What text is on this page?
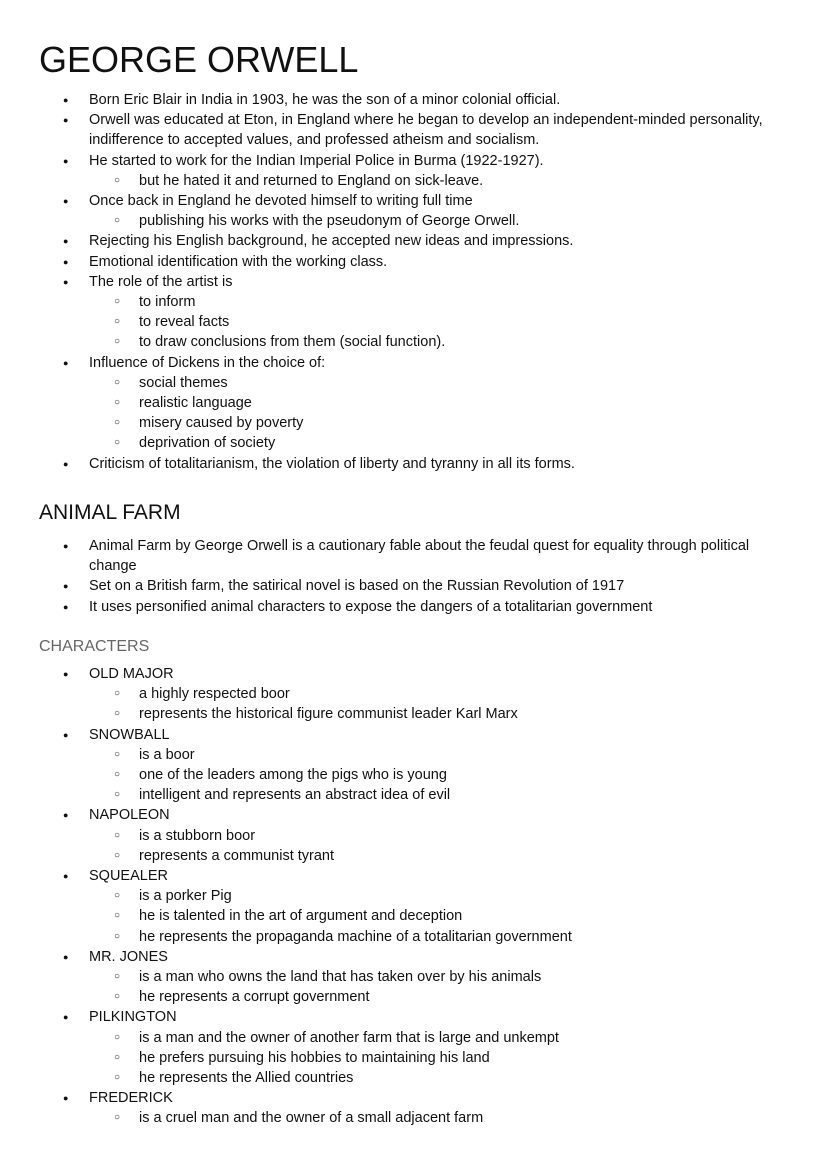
GEORGE ORWELL
● Born Eric Blair in India in 1903, he was the son of a minor colonial official.
● Orwell was educated at Eton, in England where he began to develop an independent-minded personality, indifference to accepted values, and professed atheism and socialism.
● He started to work for the Indian Imperial Police in Burma (1922-1927).
○ but he hated it and returned to England on sick-leave.
● Once back in England he devoted himself to writing full time
○ publishing his works with the pseudonym of George Orwell.
● Rejecting his English background, he accepted new ideas and impressions.
● Emotional identification with the working class.
● The role of the artist is
○ to inform
○ to reveal facts
○ to draw conclusions from them (social function).
● Influence of Dickens in the choice of:
○ social themes
○ realistic language
○ misery caused by poverty
○ deprivation of society
● Criticism of totalitarianism, the violation of liberty and tyranny in all its forms.
ANIMAL FARM
● Animal Farm by George Orwell is a cautionary fable about the feudal quest for equality through political change
● Set on a British farm, the satirical novel is based on the Russian Revolution of 1917
● It uses personified animal characters to expose the dangers of a totalitarian government
CHARACTERS
● OLD MAJOR
○ a highly respected boor
○ represents the historical figure communist leader Karl Marx
● SNOWBALL
○ is a boor
○ one of the leaders among the pigs who is young
○ intelligent and represents an abstract idea of evil
● NAPOLEON
○ is a stubborn boor
○ represents a communist tyrant
● SQUEALER
○ is a porker Pig
○ he is talented in the art of argument and deception
○ he represents the propaganda machine of a totalitarian government
● MR. JONES
○ is a man who owns the land that has taken over by his animals
○ he represents a corrupt government
● PILKINGTON
○ is a man and the owner of another farm that is large and unkempt
○ he prefers pursuing his hobbies to maintaining his land
○ he represents the Allied countries
● FREDERICK
○ is a cruel man and the owner of a small adjacent farm
